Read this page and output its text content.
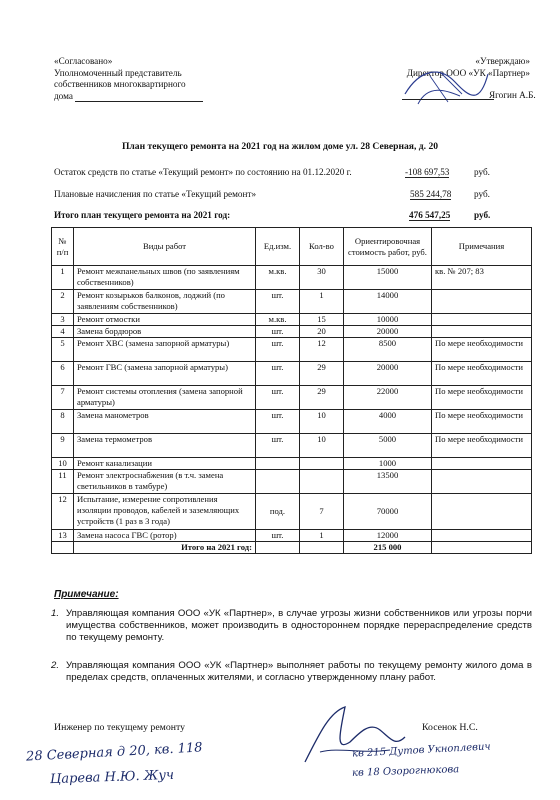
«Согласовано»
Уполномоченный представитель
собственников многоквартирного
дома
«Утверждаю»
Директор ООО «УК «Партнер»
Ягогин А.Б.
План текущего ремонта на 2021 год на жилом доме ул. 28 Северная, д. 20
Остаток средств по статье «Текущий ремонт» по состоянию на 01.12.2020 г.	-108 697,53	руб.
Плановые начисления по статье «Текущий ремонт»	585 244,78 руб.
Итого план текущего ремонта на 2021 год:	476 547,25	руб.
№ п/п	Виды работ	Ед.изм.	Кол-во	Ориентировочная стоимость работ, руб.	Примечания
1	Ремонт межпанельных швов (по заявлениям собственников)	м.кв.	30	15000	кв. № 207; 83
2	Ремонт козырьков балконов, лоджий (по заявлениям собственников)	шт.	1	14000	
3	Ремонт отмостки	м.кв.	15	10000	
4	Замена бордюров	шт.	20	20000	
5	Ремонт ХВС (замена запорной арматуры)	шт.	12	8500	По мере необходимости
6	Ремонт ГВС (замена запорной арматуры)	шт.	29	20000	По мере необходимости
7	Ремонт системы отопления (замена запорной арматуры)	шт.	29	22000	По мере необходимости
8	Замена манометров	шт.	10	4000	По мере необходимости
9	Замена термометров	шт.	10	5000	По мере необходимости
10	Ремонт канализации			1000	
11	Ремонт электроснабжения (в т.ч. замена светильников в тамбуре)			13500	
12	Испытание, измерение сопротивления изоляции проводов, кабелей и заземляющих устройств (1 раз в 3 года)	под.	7	70000	
13	Замена насоса ГВС (ротор)	шт.	1	12000	
	Итого на 2021 год:			215 000	
Примечание:
1. Управляющая компания ООО «УК «Партнер», в случае угрозы жизни собственников или угрозы порчи имущества собственников, может производить в одностороннем порядке перераспределение средств по текущему ремонту.
2. Управляющая компания ООО «УК «Партнер» выполняет работы по текущему ремонту жилого дома в пределах средств, оплаченных жителями, и согласно утвержденному плану работ.
Инженер по текущему ремонту	Косенок Н.С.
28 Северная д 20, кв. 118
Царева Н.Ю. Жуч
кв 215 Дутов Укноплевич
кв 18 Озорогнюкова
